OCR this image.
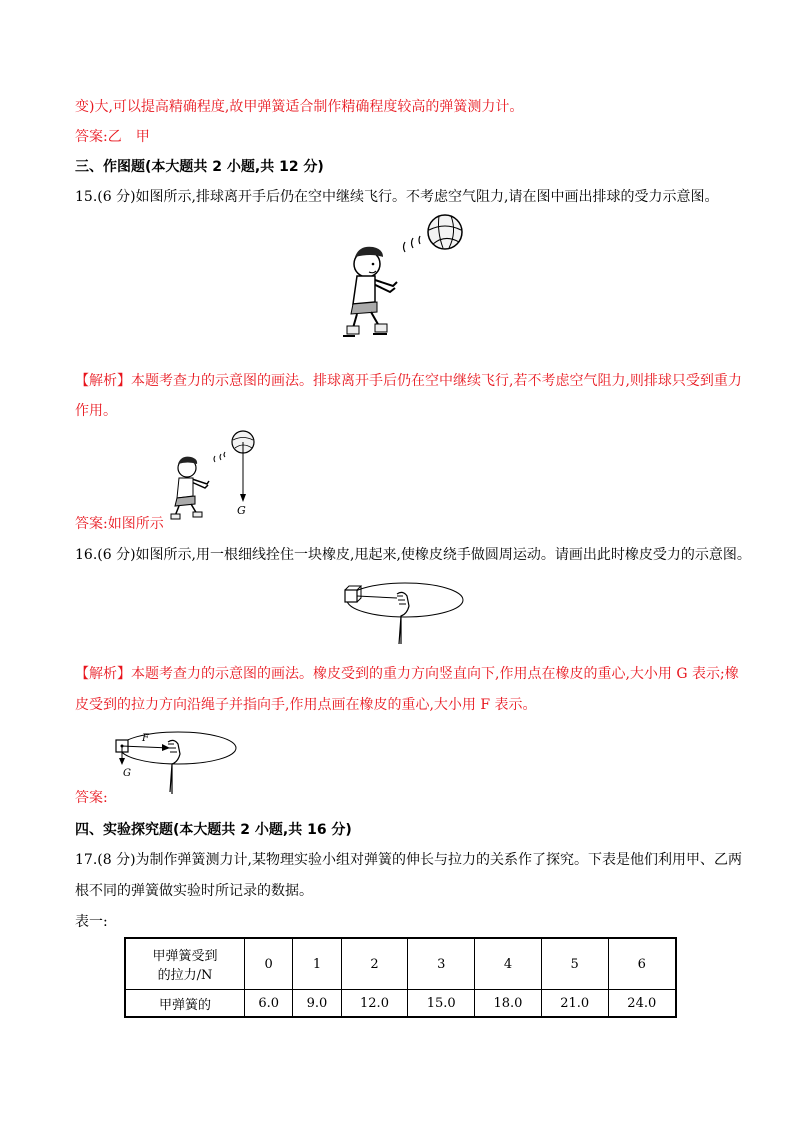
变)大,可以提高精确程度,故甲弹簧适合制作精确程度较高的弹簧测力计。
答案:乙　甲
三、作图题(本大题共 2 小题,共 12 分)
15.(6 分)如图所示,排球离开手后仍在空中继续飞行。不考虑空气阻力,请在图中画出排球的受力示意图。
【解析】本题考查力的示意图的画法。排球离开手后仍在空中继续飞行,若不考虑空气阻力,则排球只受到重力
作用。
G
答案:如图所示
16.(6 分)如图所示,用一根细线拴住一块橡皮,甩起来,使橡皮绕手做圆周运动。请画出此时橡皮受力的示意图。
【解析】本题考查力的示意图的画法。橡皮受到的重力方向竖直向下,作用点在橡皮的重心,大小用 G 表示;橡
皮受到的拉力方向沿绳子并指向手,作用点画在橡皮的重心,大小用 F 表示。
G
F
答案:
四、实验探究题(本大题共 2 小题,共 16 分)
17.(8 分)为制作弹簧测力计,某物理实验小组对弹簧的伸长与拉力的关系作了探究。下表是他们利用甲、乙两
根不同的弹簧做实验时所记录的数据。
表一:
甲弹簧受到
的拉力/N	0	1	2	3	4	5	6
甲弹簧的	6.0	9.0	12.0	15.0	18.0	21.0	24.0
